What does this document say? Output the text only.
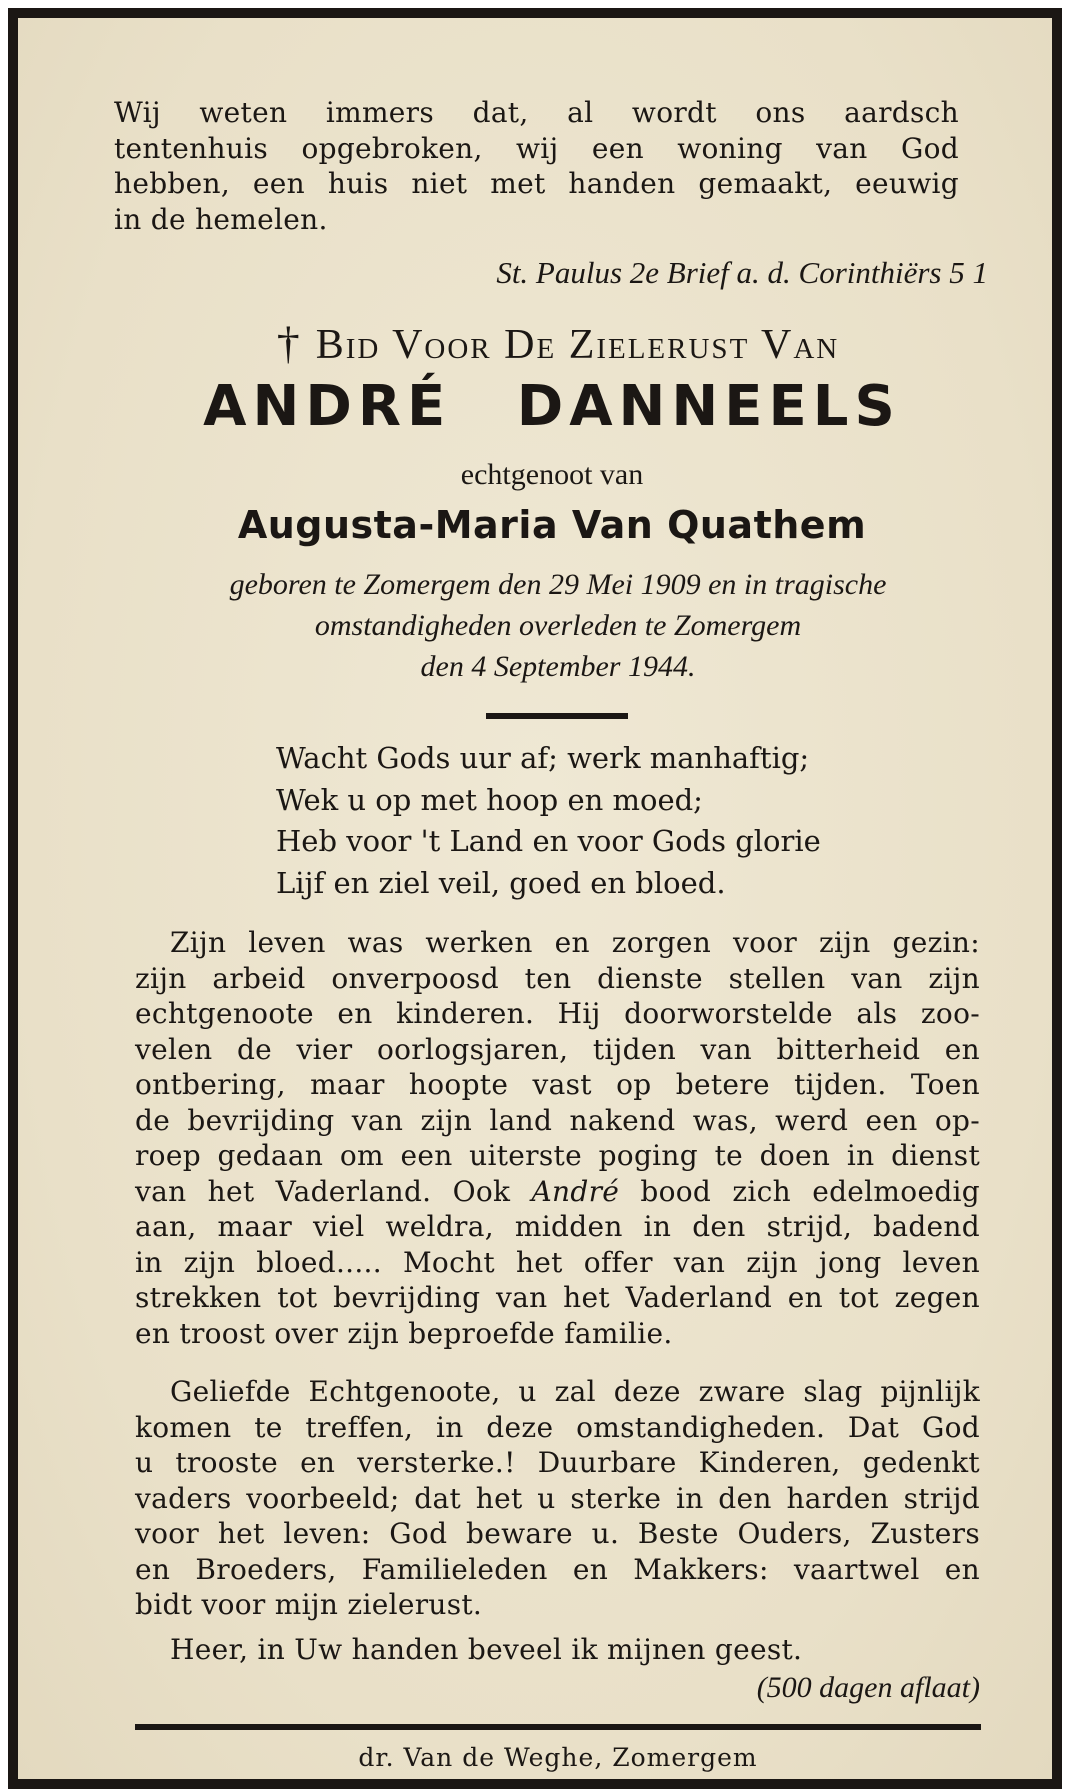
Wij weten immers dat, al wordt ons aardsch
tentenhuis opgebroken, wij een woning van God
hebben, een huis niet met handen gemaakt, eeuwig
in de hemelen.
St. Paulus 2e Brief a. d. Corinthiërs 5 1
† Bid Voor De Zielerust Van
ANDRÉ DANNEELS
echtgenoot van
Augusta-Maria Van Quathem
geboren te Zomergem den 29 Mei 1909 en in tragische
omstandigheden overleden te Zomergem
den 4 September 1944.
Wacht Gods uur af; werk manhaftig;
Wek u op met hoop en moed;
Heb voor 't Land en voor Gods glorie
Lijf en ziel veil, goed en bloed.
Zijn leven was werken en zorgen voor zijn gezin:
zijn arbeid onverpoosd ten dienste stellen van zijn
echtgenoote en kinderen. Hij doorworstelde als zoo-
velen de vier oorlogsjaren, tijden van bitterheid en
ontbering, maar hoopte vast op betere tijden. Toen
de bevrijding van zijn land nakend was, werd een op-
roep gedaan om een uiterste poging te doen in dienst
van het Vaderland. Ook André bood zich edelmoedig
aan, maar viel weldra, midden in den strijd, badend
in zijn bloed..... Mocht het offer van zijn jong leven
strekken tot bevrijding van het Vaderland en tot zegen
en troost over zijn beproefde familie.
Geliefde Echtgenoote, u zal deze zware slag pijnlijk
komen te treffen, in deze omstandigheden. Dat God
u trooste en versterke.! Duurbare Kinderen, gedenkt
vaders voorbeeld; dat het u sterke in den harden strijd
voor het leven: God beware u. Beste Ouders, Zusters
en Broeders, Familieleden en Makkers: vaartwel en
bidt voor mijn zielerust.
Heer, in Uw handen beveel ik mijnen geest.
(500 dagen aflaat)
dr. Van de Weghe, Zomergem
